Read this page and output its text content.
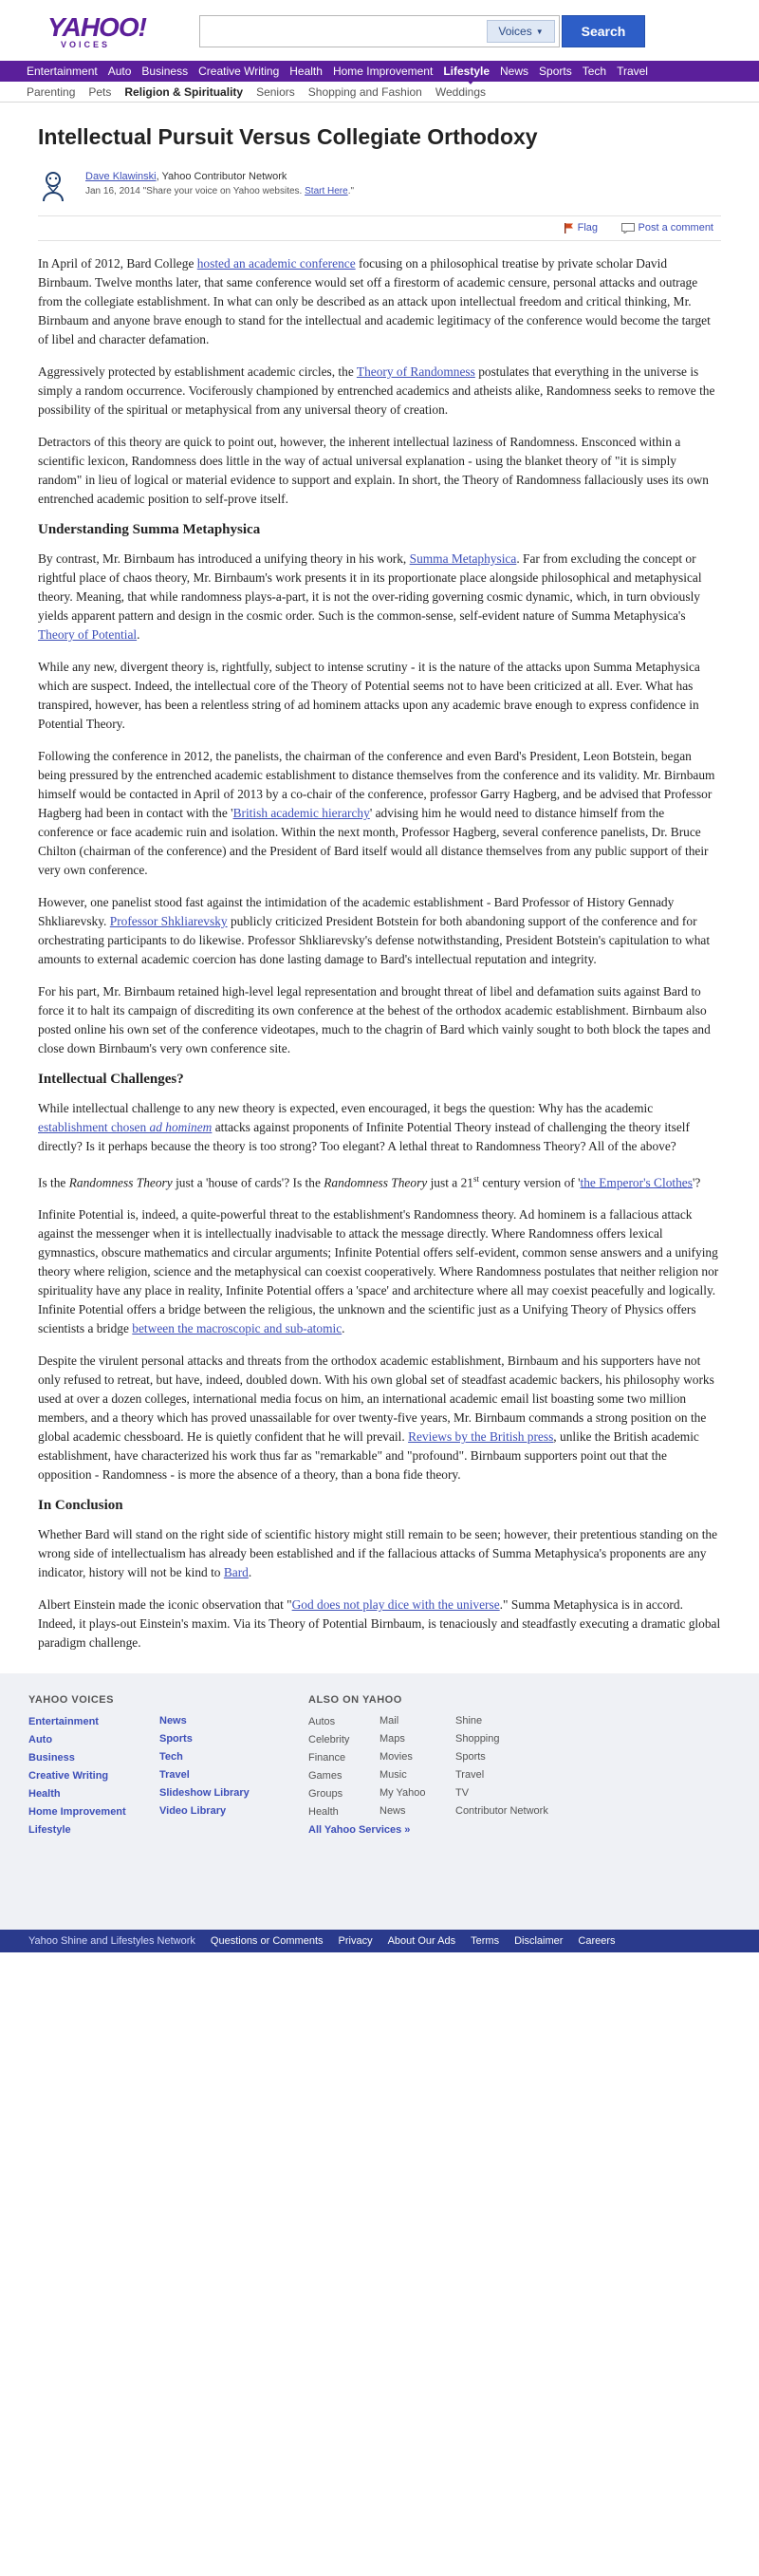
YAHOO!
VOICES
Voices ▼	Search
Entertainment Auto Business Creative Writing Health Home Improvement Lifestyle News Sports Tech Travel
Parenting Pets Religion & Spirituality Seniors Shopping and Fashion Weddings
Intellectual Pursuit Versus Collegiate Orthodoxy
Dave Klawinski, Yahoo Contributor Network
Jan 16, 2014 "Share your voice on Yahoo websites. Start Here."
Flag	Post a comment

In April of 2012, Bard College hosted an academic conference focusing on a philosophical treatise by private scholar David Birnbaum. Twelve months later, that same conference would set off a firestorm of academic censure, personal attacks and outrage from the collegiate establishment. In what can only be described as an attack upon intellectual freedom and critical thinking, Mr. Birnbaum and anyone brave enough to stand for the intellectual and academic legitimacy of the conference would become the target of libel and character defamation.

Aggressively protected by establishment academic circles, the Theory of Randomness postulates that everything in the universe is simply a random occurrence. Vociferously championed by entrenched academics and atheists alike, Randomness seeks to remove the possibility of the spiritual or metaphysical from any universal theory of creation.

Detractors of this theory are quick to point out, however, the inherent intellectual laziness of Randomness. Ensconced within a scientific lexicon, Randomness does little in the way of actual universal explanation - using the blanket theory of "it is simply random" in lieu of logical or material evidence to support and explain. In short, the Theory of Randomness fallaciously uses its own entrenched academic position to self-prove itself.

Understanding Summa Metaphysica

By contrast, Mr. Birnbaum has introduced a unifying theory in his work, Summa Metaphysica. Far from excluding the concept or rightful place of chaos theory, Mr. Birnbaum's work presents it in its proportionate place alongside philosophical and metaphysical theory. Meaning, that while randomness plays-a-part, it is not the over-riding governing cosmic dynamic, which, in turn obviously yields apparent pattern and design in the cosmic order. Such is the common-sense, self-evident nature of Summa Metaphysica's Theory of Potential.

While any new, divergent theory is, rightfully, subject to intense scrutiny - it is the nature of the attacks upon Summa Metaphysica which are suspect. Indeed, the intellectual core of the Theory of Potential seems not to have been criticized at all. Ever. What has transpired, however, has been a relentless string of ad hominem attacks upon any academic brave enough to express confidence in Potential Theory.

Following the conference in 2012, the panelists, the chairman of the conference and even Bard's President, Leon Botstein, began being pressured by the entrenched academic establishment to distance themselves from the conference and its validity. Mr. Birnbaum himself would be contacted in April of 2013 by a co-chair of the conference, professor Garry Hagberg, and be advised that Professor Hagberg had been in contact with the 'British academic hierarchy' advising him he would need to distance himself from the conference or face academic ruin and isolation. Within the next month, Professor Hagberg, several conference panelists, Dr. Bruce Chilton (chairman of the conference) and the President of Bard itself would all distance themselves from any public support of their very own conference.

However, one panelist stood fast against the intimidation of the academic establishment - Bard Professor of History Gennady Shkliarevsky. Professor Shkliarevsky publicly criticized President Botstein for both abandoning support of the conference and for orchestrating participants to do likewise. Professor Shkliarevsky's defense notwithstanding, President Botstein's capitulation to what amounts to external academic coercion has done lasting damage to Bard's intellectual reputation and integrity.

For his part, Mr. Birnbaum retained high-level legal representation and brought threat of libel and defamation suits against Bard to force it to halt its campaign of discrediting its own conference at the behest of the orthodox academic establishment. Birnbaum also posted online his own set of the conference videotapes, much to the chagrin of Bard which vainly sought to both block the tapes and close down Birnbaum's very own conference site.

Intellectual Challenges?

While intellectual challenge to any new theory is expected, even encouraged, it begs the question: Why has the academic establishment chosen ad hominem attacks against proponents of Infinite Potential Theory instead of challenging the theory itself directly? Is it perhaps because the theory is too strong? Too elegant? A lethal threat to Randomness Theory? All of the above?

Is the Randomness Theory just a 'house of cards'? Is the Randomness Theory just a 21st century version of 'the Emperor's Clothes'?

Infinite Potential is, indeed, a quite-powerful threat to the establishment's Randomness theory. Ad hominem is a fallacious attack against the messenger when it is intellectually inadvisable to attack the message directly. Where Randomness offers lexical gymnastics, obscure mathematics and circular arguments; Infinite Potential offers self-evident, common sense answers and a unifying theory where religion, science and the metaphysical can coexist cooperatively. Where Randomness postulates that neither religion nor spirituality have any place in reality, Infinite Potential offers a 'space' and architecture where all may coexist peacefully and logically. Infinite Potential offers a bridge between the religious, the unknown and the scientific just as a Unifying Theory of Physics offers scientists a bridge between the macroscopic and sub-atomic.

Despite the virulent personal attacks and threats from the orthodox academic establishment, Birnbaum and his supporters have not only refused to retreat, but have, indeed, doubled down. With his own global set of steadfast academic backers, his philosophy works used at over a dozen colleges, international media focus on him, an international academic email list boasting some two million members, and a theory which has proved unassailable for over twenty-five years, Mr. Birnbaum commands a strong position on the global academic chessboard. He is quietly confident that he will prevail. Reviews by the British press, unlike the British academic establishment, have characterized his work thus far as "remarkable" and "profound". Birnbaum supporters point out that the opposition - Randomness - is more the absence of a theory, than a bona fide theory.

In Conclusion

Whether Bard will stand on the right side of scientific history might still remain to be seen; however, their pretentious standing on the wrong side of intellectualism has already been established and if the fallacious attacks of Summa Metaphysica's proponents are any indicator, history will not be kind to Bard.

Albert Einstein made the iconic observation that "God does not play dice with the universe." Summa Metaphysica is in accord. Indeed, it plays-out Einstein's maxim. Via its Theory of Potential Birnbaum, is tenaciously and steadfastly executing a dramatic global paradigm challenge.

YAHOO VOICES
Entertainment
Auto
Business
Creative Writing
Health
Home Improvement
Lifestyle
News
Sports
Tech
Travel
Slideshow Library
Video Library
ALSO ON YAHOO
Autos
Celebrity
Finance
Games
Groups
Health
All Yahoo Services »
Mail
Maps
Movies
Music
My Yahoo
News
Shine
Shopping
Sports
Travel
TV
Contributor Network
Yahoo Shine and Lifestyles Network Questions or Comments Privacy About Our Ads Terms Disclaimer Careers
